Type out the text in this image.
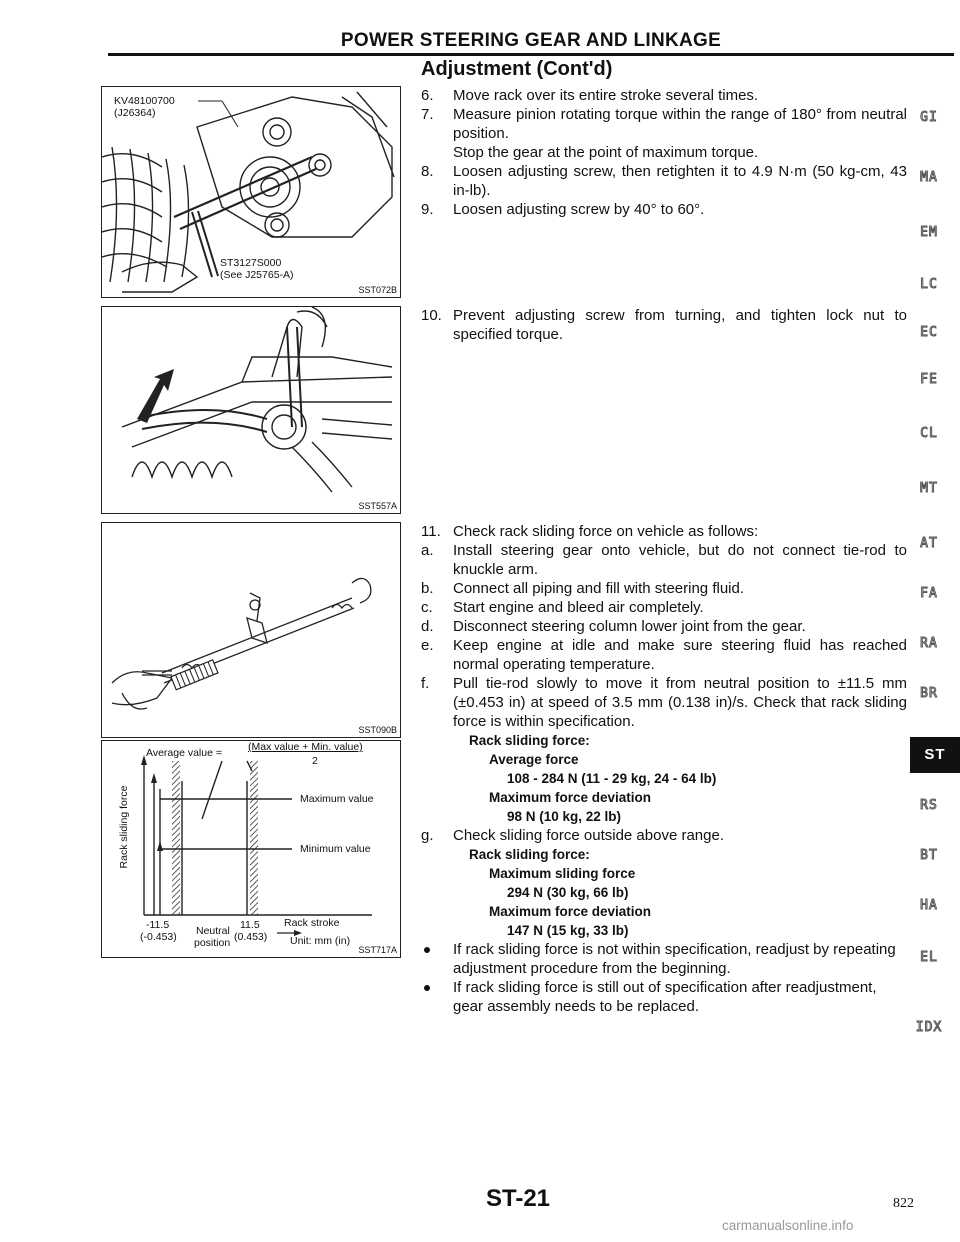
POWER STEERING GEAR AND LINKAGE
Adjustment (Cont'd)
KV48100700
(J26364)
ST3127S000
(See J25765-A)
SST072B
SST557A
SST090B
Average value = (Max value + Min. value)
2
Rack sliding force	Maximum value
Minimum value
-11.5
(-0.453) Neutral
position
11.5
(0.453)
Rack stroke
Unit: mm (in)
SST717A
6. Move rack over its entire stroke several times.
7. Measure pinion rotating torque within the range of 180° from neutral position.
Stop the gear at the point of maximum torque.
8. Loosen adjusting screw, then retighten it to 4.9 N·m (50 kg-cm, 43 in-lb).
9. Loosen adjusting screw by 40° to 60°.
10. Prevent adjusting screw from turning, and tighten lock nut to specified torque.
11. Check rack sliding force on vehicle as follows:
a. Install steering gear onto vehicle, but do not connect tie-rod to knuckle arm.
b. Connect all piping and fill with steering fluid.
c. Start engine and bleed air completely.
d. Disconnect steering column lower joint from the gear.
e. Keep engine at idle and make sure steering fluid has reached normal operating temperature.
f. Pull tie-rod slowly to move it from neutral position to ±11.5 mm (±0.453 in) at speed of 3.5 mm (0.138 in)/s. Check that rack sliding force is within specification.
Rack sliding force:
Average force
108 - 284 N (11 - 29 kg, 24 - 64 lb)
Maximum force deviation
98 N (10 kg, 22 lb)
g. Check sliding force outside above range.
Rack sliding force:
Maximum sliding force
294 N (30 kg, 66 lb)
Maximum force deviation
147 N (15 kg, 33 lb)
If rack sliding force is not within specification, readjust by repeating adjustment procedure from the beginning.
If rack sliding force is still out of specification after readjustment, gear assembly needs to be replaced.
GI
MA
EM
LC
EC
FE
CL
MT
AT
FA
RA
BR
ST
RS
BT
HA
EL
IDX
ST-21	822
carmanualsonline.info
